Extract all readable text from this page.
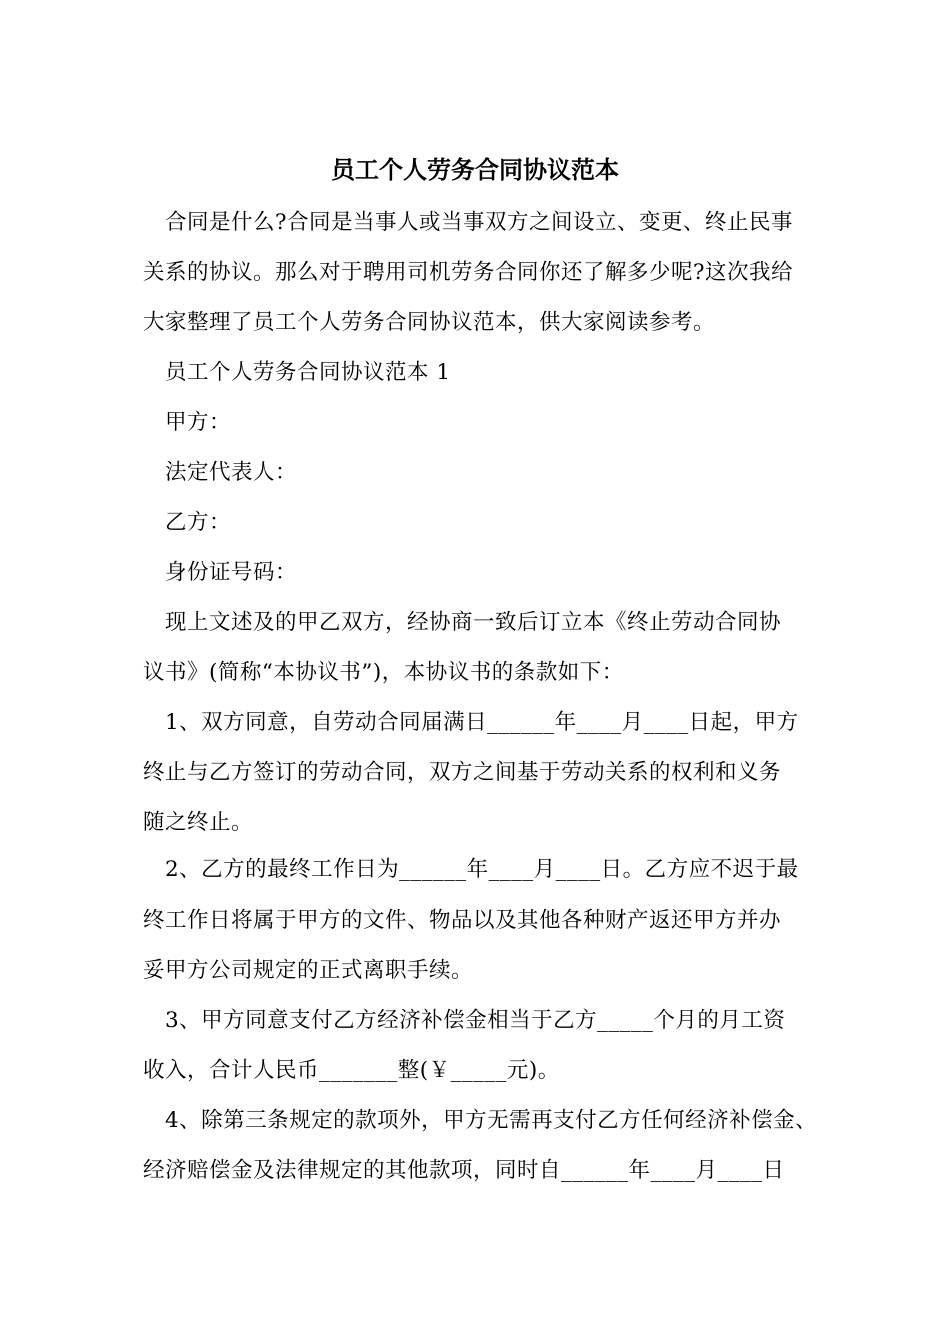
员工个人劳务合同协议范本
合同是什么?合同是当事人或当事双方之间设立、变更、终止民事
关系的协议。那么对于聘用司机劳务合同你还了解多少呢?这次我给
大家整理了员工个人劳务合同协议范本，供大家阅读参考。
员工个人劳务合同协议范本 1
甲方：
法定代表人：
乙方：
身份证号码：
现上文述及的甲乙双方，经协商一致后订立本《终止劳动合同协
议书》(简称“本协议书”)，本协议书的条款如下：
1、双方同意，自劳动合同届满日______年____月____日起，甲方
终止与乙方签订的劳动合同，双方之间基于劳动关系的权利和义务
随之终止。
2、乙方的最终工作日为______年____月____日。乙方应不迟于最
终工作日将属于甲方的文件、物品以及其他各种财产返还甲方并办
妥甲方公司规定的正式离职手续。
3、甲方同意支付乙方经济补偿金相当于乙方_____个月的月工资
收入，合计人民币_______整(￥_____元)。
4、除第三条规定的款项外，甲方无需再支付乙方任何经济补偿金、
经济赔偿金及法律规定的其他款项，同时自______年____月____日
